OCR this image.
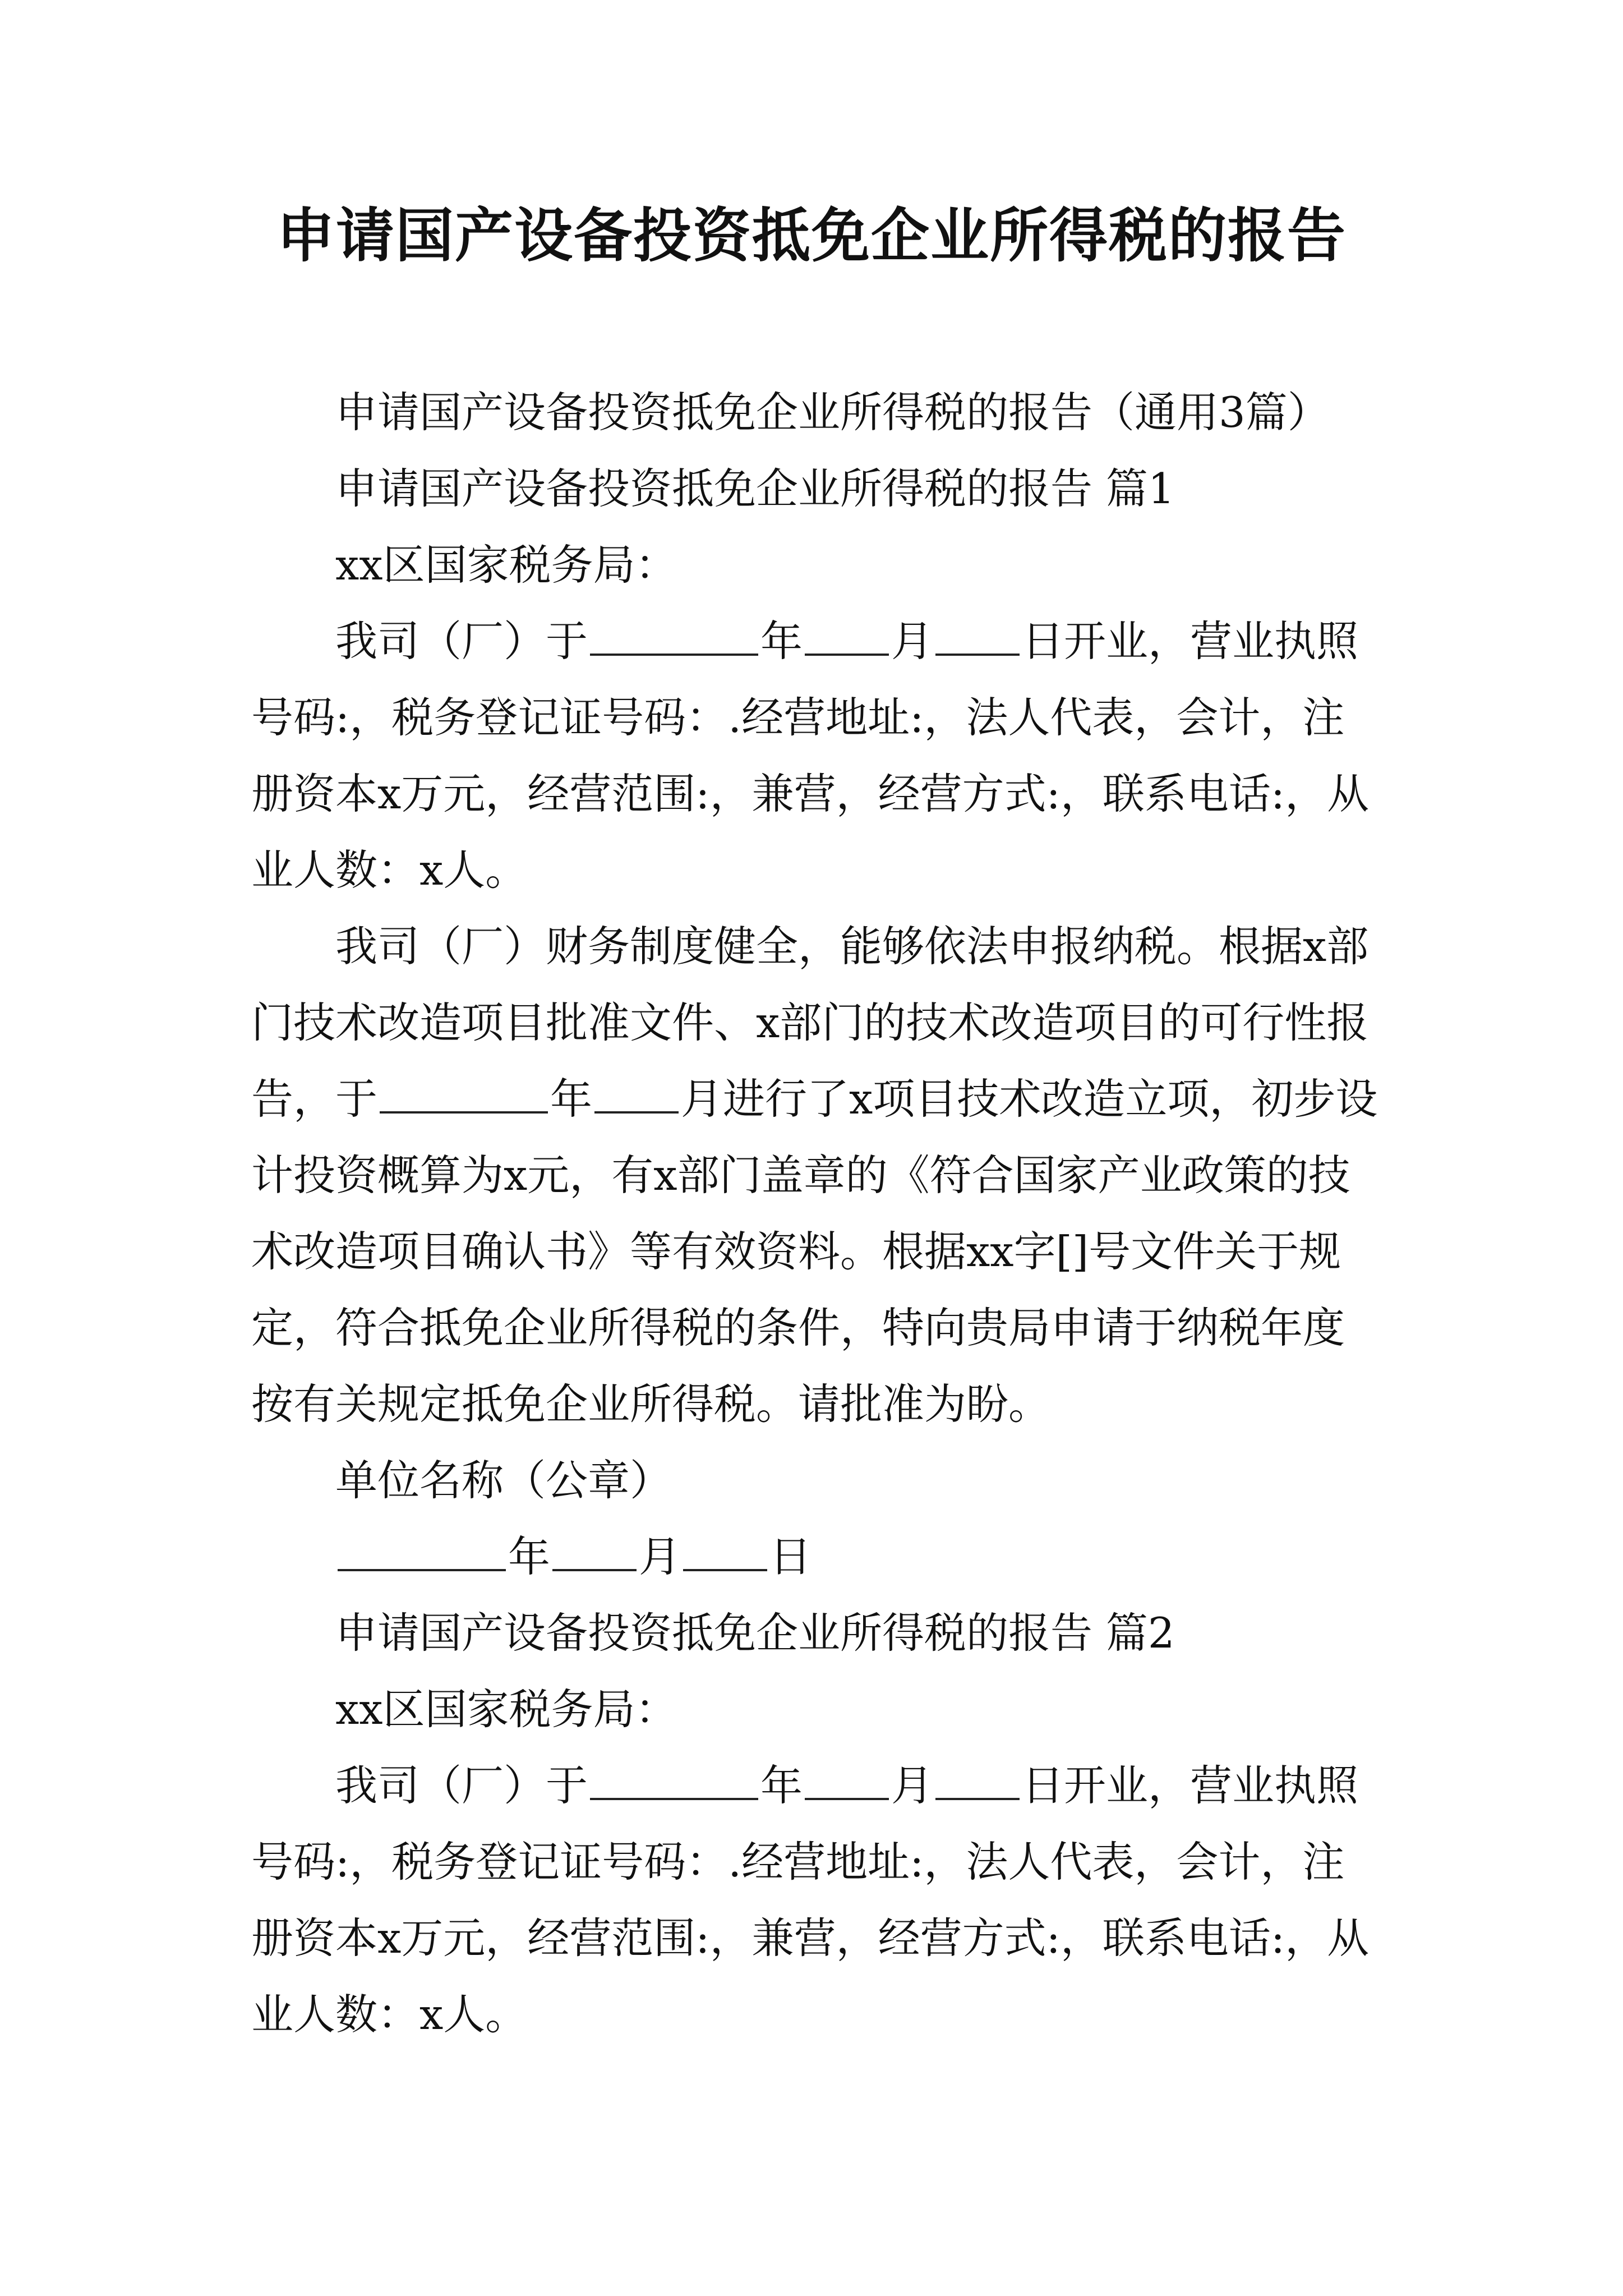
申请国产设备投资抵免企业所得税的报告

申请国产设备投资抵免企业所得税的报告（通用3篇）

申请国产设备投资抵免企业所得税的报告 篇1

xx区国家税务局：

我司（厂）于	年 月 日开业，营业执照号码:，税务登记证号码：.经营地址:，法人代表，会计，注册资本x万元，经营范围:，兼营，经营方式:，联系电话:，从业人数：x人。

我司（厂）财务制度健全，能够依法申报纳税。根据x部门技术改造项目批准文件、x部门的技术改造项目的可行性报告，于	年 月进行了x项目技术改造立项，初步设计投资概算为x元，有x部门盖章的《符合国家产业政策的技术改造项目确认书》等有效资料。根据xx字[]号文件关于规定，符合抵免企业所得税的条件，特向贵局申请于纳税年度按有关规定抵免企业所得税。请批准为盼。

单位名称（公章）

年 月 日

申请国产设备投资抵免企业所得税的报告 篇2

xx区国家税务局：

我司（厂）于	年 月 日开业，营业执照号码:，税务登记证号码：.经营地址:，法人代表，会计，注册资本x万元，经营范围:，兼营，经营方式:，联系电话:，从业人数：x人。
